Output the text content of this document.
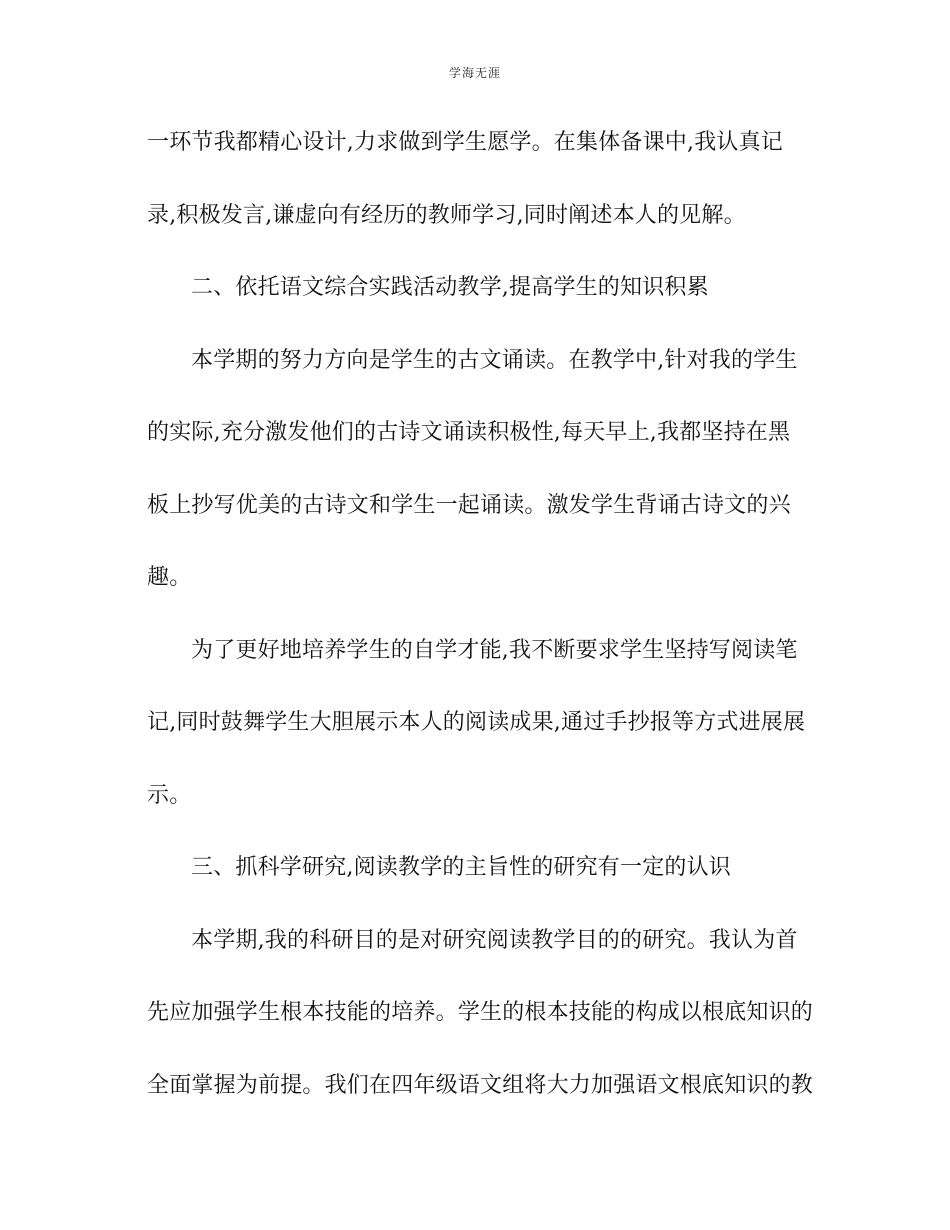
学海无涯
一环节我都精心设计,力求做到学生愿学。在集体备课中,我认真记
录,积极发言,谦虚向有经历的教师学习,同时阐述本人的见解。
二、依托语文综合实践活动教学,提高学生的知识积累
本学期的努力方向是学生的古文诵读。在教学中,针对我的学生
的实际,充分激发他们的古诗文诵读积极性,每天早上,我都坚持在黑
板上抄写优美的古诗文和学生一起诵读。激发学生背诵古诗文的兴
趣。
为了更好地培养学生的自学才能,我不断要求学生坚持写阅读笔
记,同时鼓舞学生大胆展示本人的阅读成果,通过手抄报等方式进展展
示。
三、抓科学研究,阅读教学的主旨性的研究有一定的认识
本学期,我的科研目的是对研究阅读教学目的的研究。我认为首
先应加强学生根本技能的培养。学生的根本技能的构成以根底知识的
全面掌握为前提。我们在四年级语文组将大力加强语文根底知识的教
